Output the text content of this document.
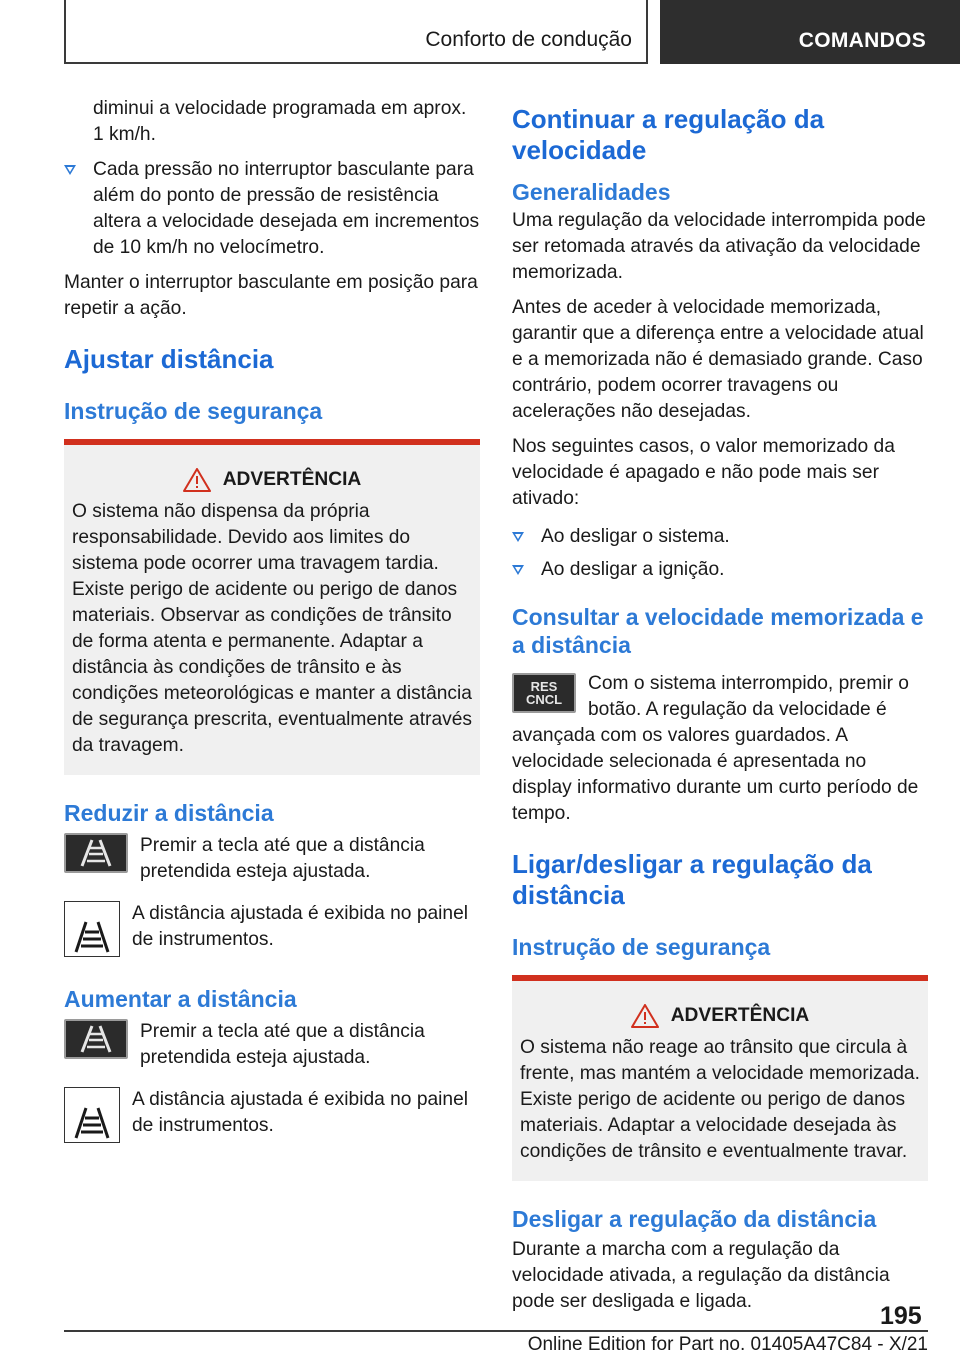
Conforto de condução	COMANDOS

diminui a velocidade programada em aprox. 1 km/h.

Cada pressão no interruptor basculante para além do ponto de pressão de resistência altera a velocidade desejada em incrementos de 10 km/h no velocímetro.

Manter o interruptor basculante em posição para repetir a ação.

Ajustar distância
Instrução de segurança
ADVERTÊNCIA

O sistema não dispensa da própria responsabilidade. Devido aos limites do sistema pode ocorrer uma travagem tardia. Existe perigo de acidente ou perigo de danos materiais. Observar as condições de trânsito de forma atenta e permanente. Adaptar a distância às condições de trânsito e às condições meteorológicas e manter a distância de segurança prescrita, eventualmente através da travagem.

Reduzir a distância

Premir a tecla até que a distância pretendida esteja ajustada.

A distância ajustada é exibida no painel de instrumentos.

Aumentar a distância

Premir a tecla até que a distância pretendida esteja ajustada.

A distância ajustada é exibida no painel de instrumentos.

Continuar a regulação da velocidade
Generalidades

Uma regulação da velocidade interrompida pode ser retomada através da ativação da velocidade memorizada.

Antes de aceder à velocidade memorizada, garantir que a diferença entre a velocidade atual e a memorizada não é demasiado grande. Caso contrário, podem ocorrer travagens ou acelerações não desejadas.

Nos seguintes casos, o valor memorizado da velocidade é apagado e não pode mais ser ativado:

Ao desligar o sistema.
Ao desligar a ignição.
Consultar a velocidade memorizada e a distância
RES
CNCL

Com o sistema interrompido, premir o botão. A regulação da velocidade é avançada com os valores guardados. A velocidade selecionada é apresentada no display informativo durante um curto período de tempo.

Ligar/desligar a regulação da distância
Instrução de segurança
ADVERTÊNCIA

O sistema não reage ao trânsito que circula à frente, mas mantém a velocidade memorizada. Existe perigo de acidente ou perigo de danos materiais. Adaptar a velocidade desejada às condições de trânsito e eventualmente travar.

Desligar a regulação da distância

Durante a marcha com a regulação da velocidade ativada, a regulação da distância pode ser desligada e ligada.

195
Online Edition for Part no. 01405A47C84 - X/21
